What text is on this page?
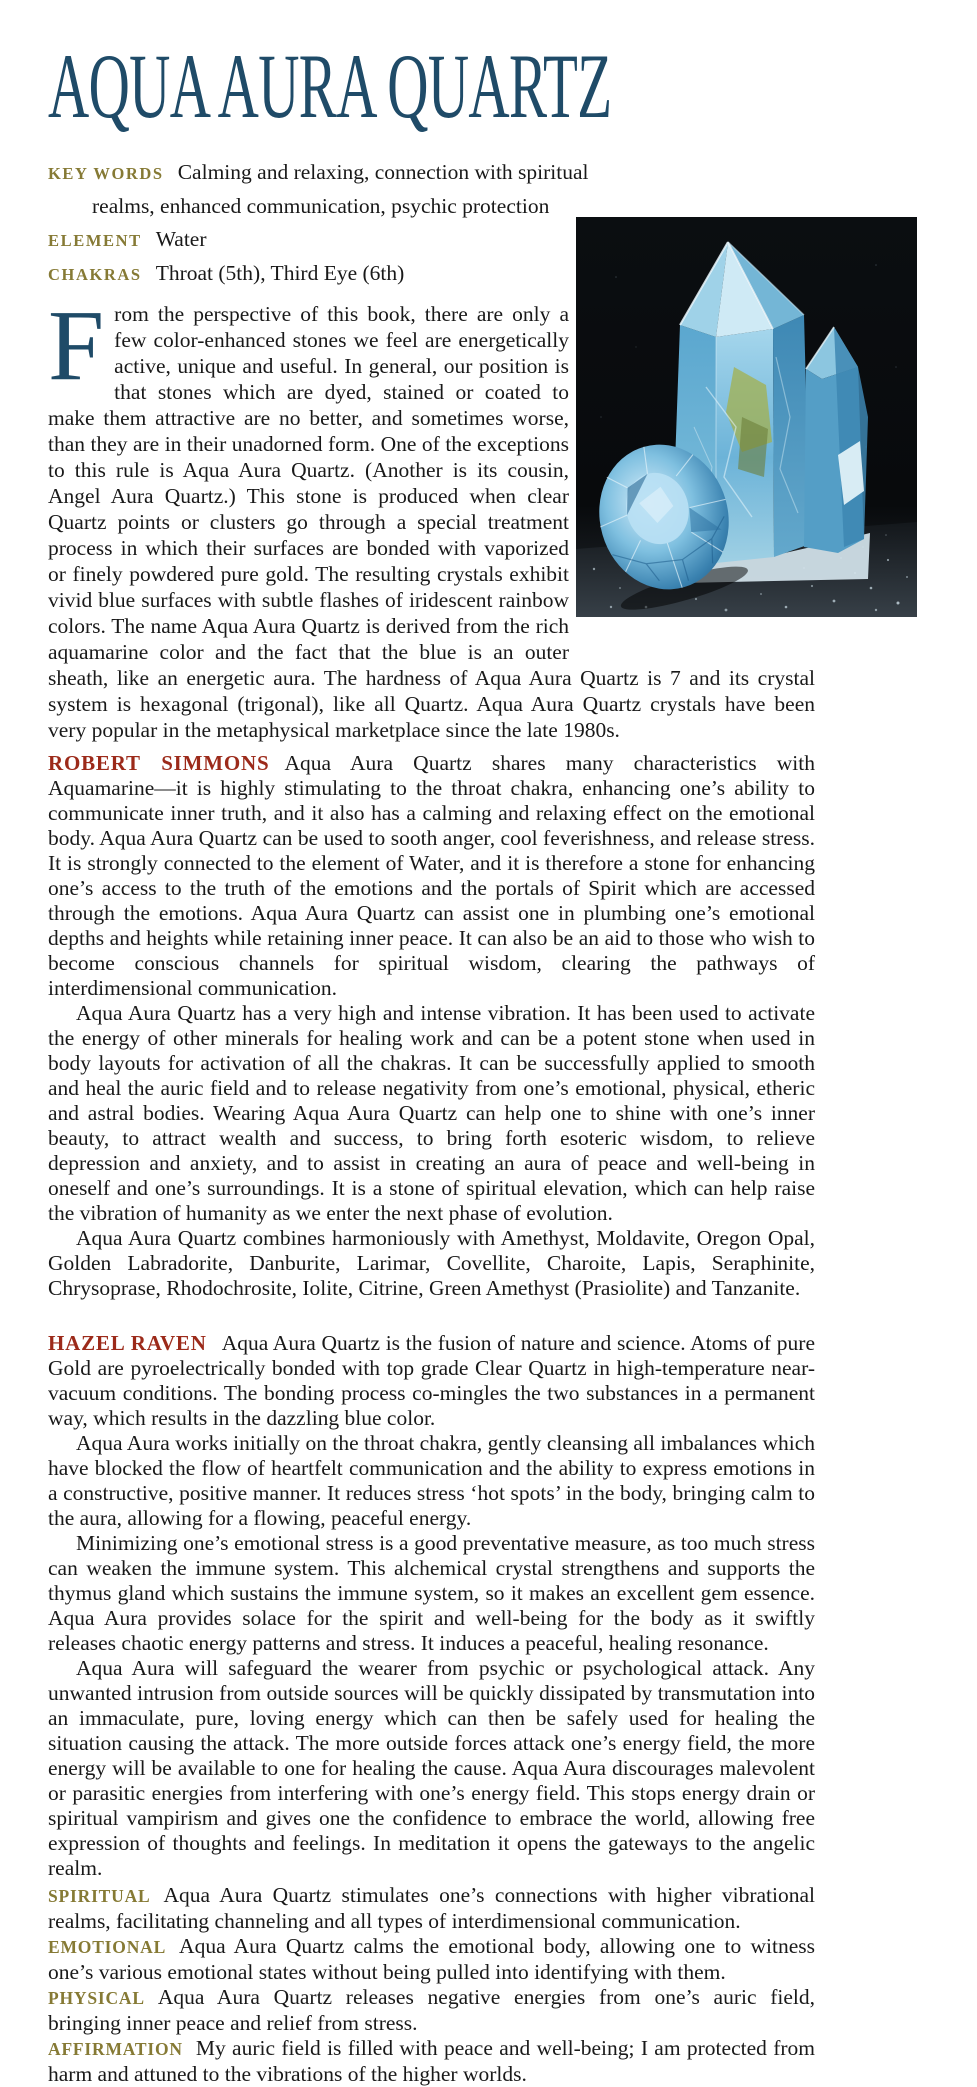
AQUA AURA QUARTZ

KEY WORDS Calming and relaxing, connection with spiritual realms, enhanced communication, psychic protection

ELEMENT Water

CHAKRAS Throat (5th), Third Eye (6th)

From the perspective of this book, there are only a few color-enhanced stones we feel are energetically active, unique and useful. In general, our position is that stones which are dyed, stained or coated to make them attractive are no better, and sometimes worse, than they are in their unadorned form. One of the exceptions to this rule is Aqua Aura Quartz. (Another is its cousin, Angel Aura Quartz.) This stone is produced when clear Quartz points or clusters go through a special treatment process in which their surfaces are bonded with vaporized or finely powdered pure gold. The resulting crystals exhibit vivid blue surfaces with subtle flashes of iridescent rainbow colors. The name Aqua Aura Quartz is derived from the rich aquamarine color and the fact that the blue is an outer sheath, like an energetic aura. The hardness of Aqua Aura Quartz is 7 and its crystal system is hexagonal (trigonal), like all Quartz. Aqua Aura Quartz crystals have been very popular in the metaphysical marketplace since the late 1980s.

ROBERT SIMMONS Aqua Aura Quartz shares many characteristics with Aquamarine—it is highly stimulating to the throat chakra, enhancing one’s ability to communicate inner truth, and it also has a calming and relaxing effect on the emotional body. Aqua Aura Quartz can be used to sooth anger, cool feverishness, and release stress. It is strongly connected to the element of Water, and it is therefore a stone for enhancing one’s access to the truth of the emotions and the portals of Spirit which are accessed through the emotions. Aqua Aura Quartz can assist one in plumbing one’s emotional depths and heights while retaining inner peace. It can also be an aid to those who wish to become conscious channels for spiritual wisdom, clearing the pathways of interdimensional communication.

Aqua Aura Quartz has a very high and intense vibration. It has been used to activate the energy of other minerals for healing work and can be a potent stone when used in body layouts for activation of all the chakras. It can be successfully applied to smooth and heal the auric field and to release negativity from one’s emotional, physical, etheric and astral bodies. Wearing Aqua Aura Quartz can help one to shine with one’s inner beauty, to attract wealth and success, to bring forth esoteric wisdom, to relieve depression and anxiety, and to assist in creating an aura of peace and well-being in oneself and one’s surroundings. It is a stone of spiritual elevation, which can help raise the vibration of humanity as we enter the next phase of evolution.

Aqua Aura Quartz combines harmoniously with Amethyst, Moldavite, Oregon Opal, Golden Labradorite, Danburite, Larimar, Covellite, Charoite, Lapis, Seraphinite, Chrysoprase, Rhodochrosite, Iolite, Citrine, Green Amethyst (Prasiolite) and Tanzanite.

HAZEL RAVEN Aqua Aura Quartz is the fusion of nature and science. Atoms of pure Gold are pyroelectrically bonded with top grade Clear Quartz in high-temperature near-vacuum conditions. The bonding process co-mingles the two substances in a permanent way, which results in the dazzling blue color.

Aqua Aura works initially on the throat chakra, gently cleansing all imbalances which have blocked the flow of heartfelt communication and the ability to express emotions in a constructive, positive manner. It reduces stress ‘hot spots’ in the body, bringing calm to the aura, allowing for a flowing, peaceful energy.

Minimizing one’s emotional stress is a good preventative measure, as too much stress can weaken the immune system. This alchemical crystal strengthens and supports the thymus gland which sustains the immune system, so it makes an excellent gem essence. Aqua Aura provides solace for the spirit and well-being for the body as it swiftly releases chaotic energy patterns and stress. It induces a peaceful, healing resonance.

Aqua Aura will safeguard the wearer from psychic or psychological attack. Any unwanted intrusion from outside sources will be quickly dissipated by transmutation into an immaculate, pure, loving energy which can then be safely used for healing the situation causing the attack. The more outside forces attack one’s energy field, the more energy will be available to one for healing the cause. Aqua Aura discourages malevolent or parasitic energies from interfering with one’s energy field. This stops energy drain or spiritual vampirism and gives one the confidence to embrace the world, allowing free expression of thoughts and feelings. In meditation it opens the gateways to the angelic realm.

SPIRITUAL Aqua Aura Quartz stimulates one’s connections with higher vibrational realms, facilitating channeling and all types of interdimensional communication.

EMOTIONAL Aqua Aura Quartz calms the emotional body, allowing one to witness one’s various emotional states without being pulled into identifying with them.

PHYSICAL Aqua Aura Quartz releases negative energies from one’s auric field, bringing inner peace and relief from stress.

AFFIRMATION My auric field is filled with peace and well-being; I am protected from harm and attuned to the vibrations of the higher worlds.
